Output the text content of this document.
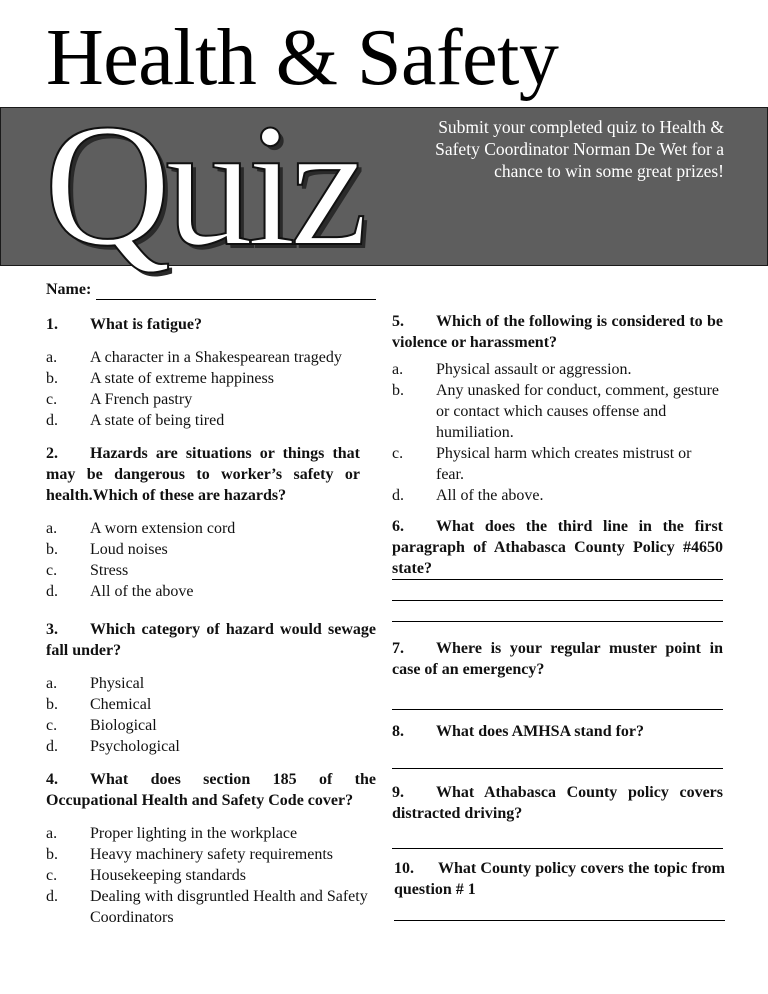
Health & Safety
Quiz	Submit your completed quiz to Health & Safety Coordinator Norman De Wet for a chance to win some great prizes!
Name:

1. What is fatigue?

a.	A character in a Shakespearean tragedy
b.	A state of extreme happiness
c.	A French pastry
d.	A state of being tired

2. Hazards are situations or things that may be dangerous to worker’s safety or health.Which of these are hazards?

a.	A worn extension cord
b.	Loud noises
c.	Stress
d.	All of the above

3. Which category of hazard would sewage fall under?

a.	Physical
b.	Chemical
c.	Biological
d.	Psychological

4. What does section 185 of the Occupational Health and Safety Code cover?

a.	Proper lighting in the workplace
b.	Heavy machinery safety requirements
c.	Housekeeping standards
d.	Dealing with disgruntled Health and Safety Coordinators

5. Which of the following is considered to be violence or harassment?

a.	Physical assault or aggression.
b.	Any unasked for conduct, comment, gesture or contact which causes offense and humiliation.
c.	Physical harm which creates mistrust or fear.
d.	All of the above.

6. What does the third line in the first paragraph of Athabasca County Policy #4650 state?

7. Where is your regular muster point in case of an emergency?

8. What does AMHSA stand for?

9. What Athabasca County policy covers distracted driving?

10. What County policy covers the topic from question # 1
